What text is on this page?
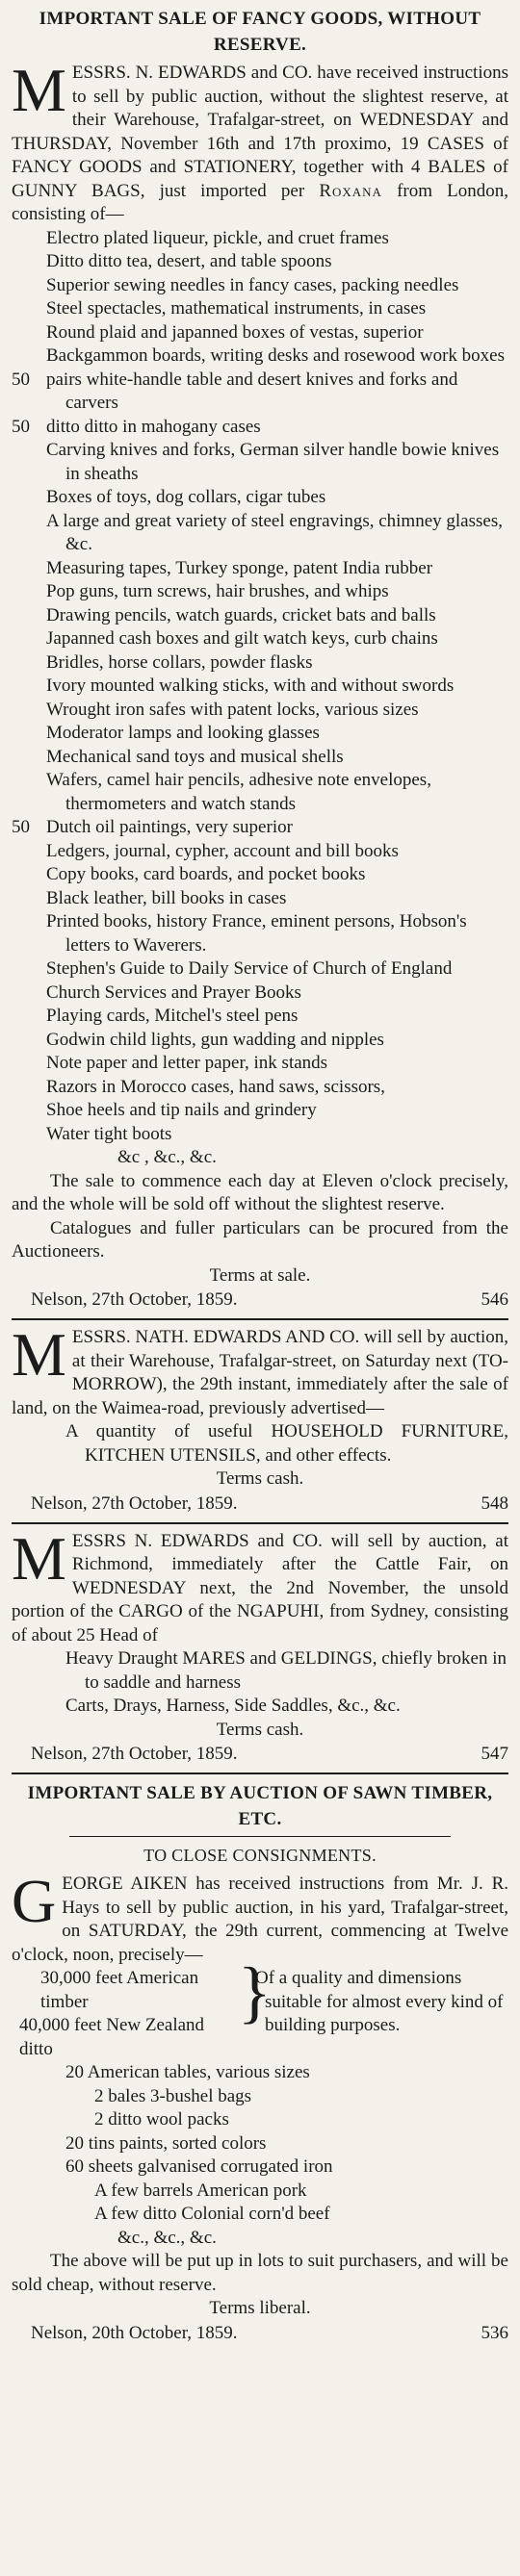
IMPORTANT SALE OF FANCY GOODS, WITHOUT RESERVE.

MESSRS. N. EDWARDS and CO. have received instructions to sell by public auction, without the slightest reserve, at their Warehouse, Trafalgar-street, on WEDNESDAY and THURSDAY, November 16th and 17th proximo, 19 CASES of FANCY GOODS and STATIONERY, together with 4 BALES of GUNNY BAGS, just imported per Roxana from London, consisting of—

Electro plated liqueur, pickle, and cruet frames
Ditto ditto tea, desert, and table spoons
Superior sewing needles in fancy cases, packing needles
Steel spectacles, mathematical instruments, in cases
Round plaid and japanned boxes of vestas, superior
Backgammon boards, writing desks and rosewood work boxes
50 pairs white-handle table and desert knives and forks and carvers
50 ditto ditto in mahogany cases
Carving knives and forks, German silver handle bowie knives in sheaths
Boxes of toys, dog collars, cigar tubes
A large and great variety of steel engravings, chimney glasses, &c.
Measuring tapes, Turkey sponge, patent India rubber
Pop guns, turn screws, hair brushes, and whips
Drawing pencils, watch guards, cricket bats and balls
Japanned cash boxes and gilt watch keys, curb chains
Bridles, horse collars, powder flasks
Ivory mounted walking sticks, with and without swords
Wrought iron safes with patent locks, various sizes
Moderator lamps and looking glasses
Mechanical sand toys and musical shells
Wafers, camel hair pencils, adhesive note envelopes, thermometers and watch stands
50 Dutch oil paintings, very superior
Ledgers, journal, cypher, account and bill books
Copy books, card boards, and pocket books
Black leather, bill books in cases
Printed books, history France, eminent persons, Hobson's letters to Waverers.
Stephen's Guide to Daily Service of Church of England
Church Services and Prayer Books
Playing cards, Mitchel's steel pens
Godwin child lights, gun wadding and nipples
Note paper and letter paper, ink stands
Razors in Morocco cases, hand saws, scissors,
Shoe heels and tip nails and grindery
Water tight boots
&c , &c., &c.

The sale to commence each day at Eleven o'clock precisely, and the whole will be sold off without the slightest reserve.

Catalogues and fuller particulars can be procured from the Auctioneers.

Terms at sale.
Nelson, 27th October, 1859.	546

MESSRS. NATH. EDWARDS AND CO. will sell by auction, at their Warehouse, Trafalgar-street, on Saturday next (TO-MORROW), the 29th instant, immediately after the sale of land, on the Waimea-road, previously advertised—

A quantity of useful HOUSEHOLD FURNITURE, KITCHEN UTENSILS, and other effects.
Terms cash.
Nelson, 27th October, 1859.	548

MESSRS N. EDWARDS and CO. will sell by auction, at Richmond, immediately after the Cattle Fair, on WEDNESDAY next, the 2nd November, the unsold portion of the CARGO of the NGAPUHI, from Sydney, consisting of about 25 Head of

Heavy Draught MARES and GELDINGS, chiefly broken in to saddle and harness
Carts, Drays, Harness, Side Saddles, &c., &c.
Terms cash.
Nelson, 27th October, 1859.	547
IMPORTANT SALE BY AUCTION OF SAWN TIMBER, ETC.
TO CLOSE CONSIGNMENTS.

GEORGE AIKEN has received instructions from Mr. J. R. Hays to sell by public auction, in his yard, Trafalgar-street, on SATURDAY, the 29th current, commencing at Twelve o'clock, noon, precisely—

30,000 feet American timber
40,000 feet New Zealand ditto
}
Of a quality and dimensions suitable for almost every kind of building purposes.
20 American tables, various sizes
2 bales 3-bushel bags
2 ditto wool packs
20 tins paints, sorted colors
60 sheets galvanised corrugated iron
A few barrels American pork
A few ditto Colonial corn'd beef
&c., &c., &c.

The above will be put up in lots to suit purchasers, and will be sold cheap, without reserve.

Terms liberal.
Nelson, 20th October, 1859.	536
